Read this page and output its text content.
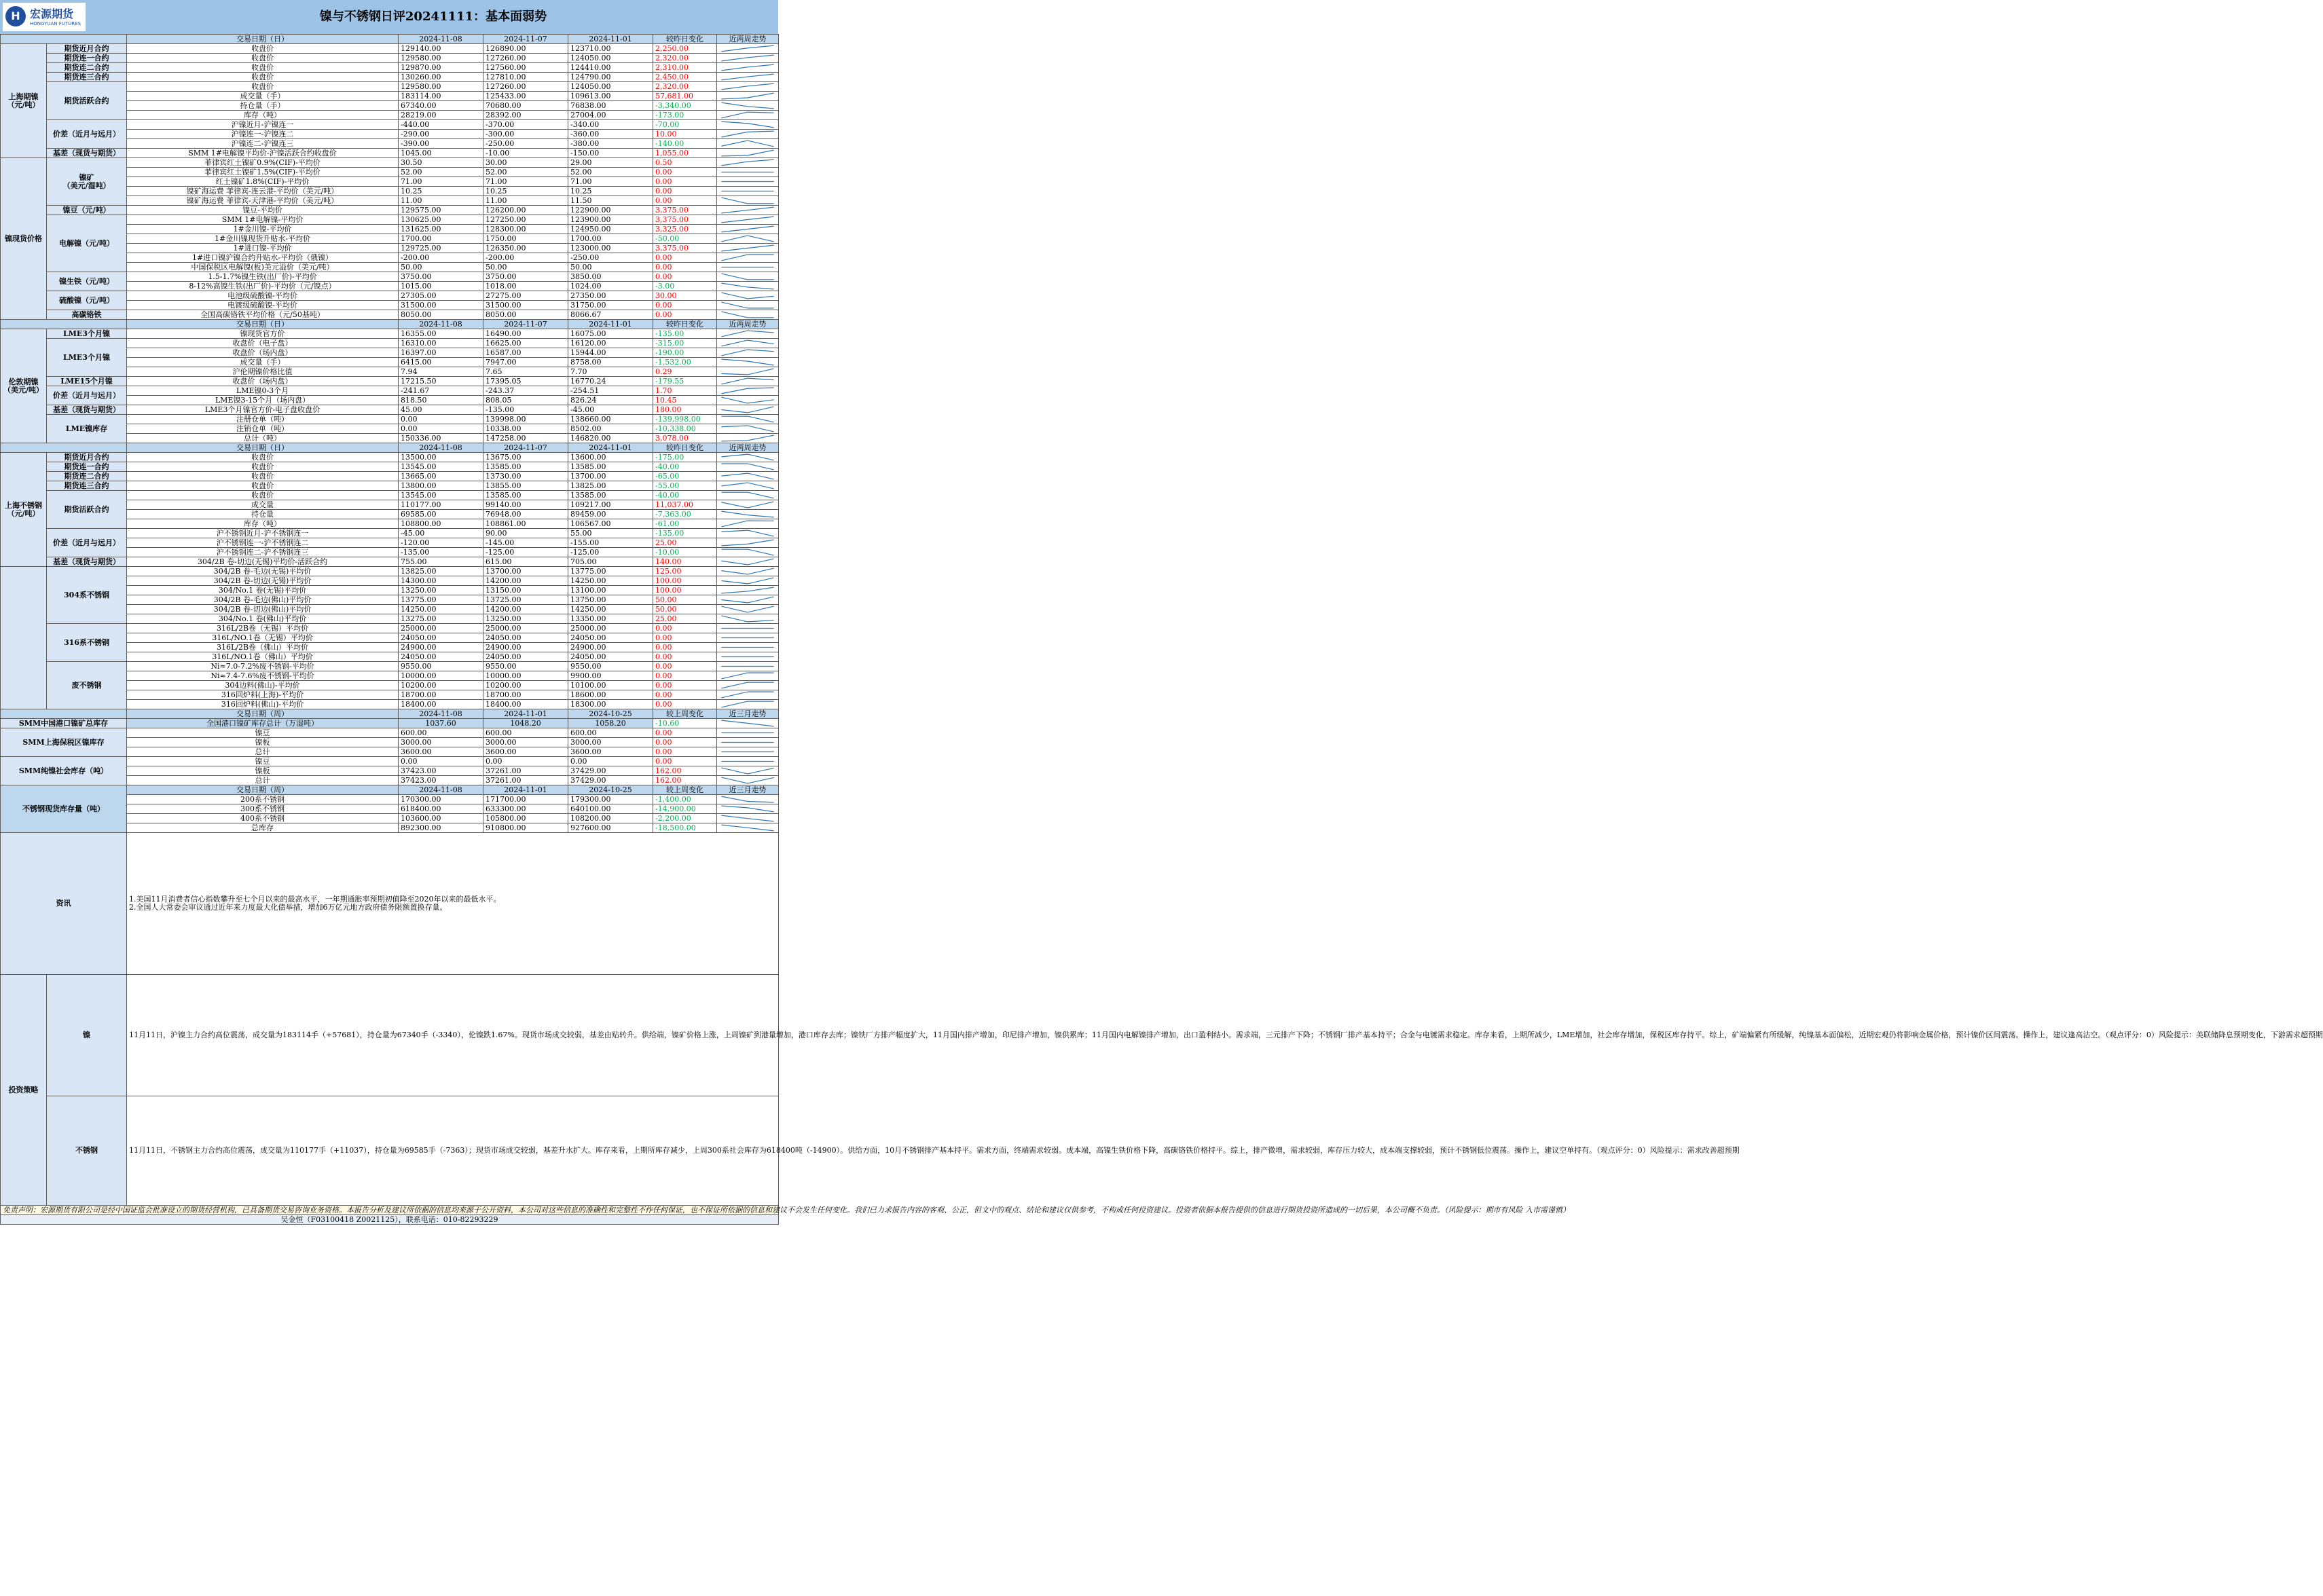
H 宏源期货
HONGYUAN FUTURES	镍与不锈钢日评20241111：基本面弱势
		交易日期（日）	2024-11-08	2024-11-07	2024-11-01	较昨日变化	近两周走势
上海期镍
（元/吨）	期货近月合约	收盘价	129140.00	126890.00	123710.00	2,250.00	

	期货连一合约	收盘价	129580.00	127260.00	124050.00	2,320.00	

	期货连二合约	收盘价	129870.00	127560.00	124410.00	2,310.00	

	期货连三合约	收盘价	130260.00	127810.00	124790.00	2,450.00	

	期货活跃合约	收盘价	129580.00	127260.00	124050.00	2,320.00	

		成交量（手）	183114.00	125433.00	109613.00	57,681.00	

		持仓量（手）	67340.00	70680.00	76838.00	-3,340.00	

		库存（吨）	28219.00	28392.00	27004.00	-173.00	

	价差（近月与远月）	沪镍近月-沪镍连一	-440.00	-370.00	-340.00	-70.00	

		沪镍连一-沪镍连二	-290.00	-300.00	-360.00	10.00	

		沪镍连二-沪镍连三	-390.00	-250.00	-380.00	-140.00	

	基差（现货与期货）	SMM 1#电解镍平均价-沪镍活跃合约收盘价	1045.00	-10.00	-150.00	1,055.00	

镍现货价格	镍矿
（美元/湿吨）	菲律宾红土镍矿0.9%(CIF)-平均价	30.50	30.00	29.00	0.50	

		菲律宾红土镍矿1.5%(CIF)-平均价	52.00	52.00	52.00	0.00	

		红土镍矿1.8%(CIF)-平均价	71.00	71.00	71.00	0.00	

		镍矿海运费 菲律宾-连云港-平均价（美元/吨）	10.25	10.25	10.25	0.00	

		镍矿海运费 菲律宾-天津港-平均价（美元/吨）	11.00	11.00	11.50	0.00	

	镍豆（元/吨）	镍豆-平均价	129575.00	126200.00	122900.00	3,375.00	

	电解镍（元/吨）	SMM 1#电解镍-平均价	130625.00	127250.00	123900.00	3,375.00	

		1#金川镍-平均价	131625.00	128300.00	124950.00	3,325.00	

		1#金川镍现货升贴水-平均价	1700.00	1750.00	1700.00	-50.00	

		1#进口镍-平均价	129725.00	126350.00	123000.00	3,375.00	

		1#进口镍沪镍合约升贴水-平均价（俄镍）	-200.00	-200.00	-250.00	0.00	

		中国保税区电解镍(板)美元溢价（美元/吨）	50.00	50.00	50.00	0.00	

	镍生铁（元/吨）	1.5-1.7%镍生铁(出厂价)-平均价	3750.00	3750.00	3850.00	0.00	

		8-12%高镍生铁(出厂价)-平均价（元/镍点）	1015.00	1018.00	1024.00	-3.00	

	硫酸镍（元/吨）	电池级硫酸镍-平均价	27305.00	27275.00	27350.00	30.00	

		电镀级硫酸镍-平均价	31500.00	31500.00	31750.00	0.00	

	高碳铬铁	全国高碳铬铁平均价格（元/50基吨）	8050.00	8050.00	8066.67	0.00	

		交易日期（日）	2024-11-08	2024-11-07	2024-11-01	较昨日变化	近两周走势
伦敦期镍
（美元/吨）	LME3个月镍	镍现货官方价	16355.00	16490.00	16075.00	-135.00	

	LME3个月镍	收盘价（电子盘）	16310.00	16625.00	16120.00	-315.00	

		收盘价（场内盘）	16397.00	16587.00	15944.00	-190.00	

		成交量（手）	6415.00	7947.00	8758.00	-1,532.00	

		沪伦期镍价格比值	7.94	7.65	7.70	0.29	

	LME15个月镍	收盘价（场内盘）	17215.50	17395.05	16770.24	-179.55	

	价差（近月与远月）	LME镍0-3个月	-241.67	-243.37	-254.51	1.70	

		LME镍3-15个月（场内盘）	818.50	808.05	826.24	10.45	

	基差（现货与期货）	LME3个月镍官方价-电子盘收盘价	45.00	-135.00	-45.00	180.00	

	LME镍库存	注册仓单（吨）	0.00	139998.00	138660.00	-139,998.00	

		注销仓单（吨）	0.00	10338.00	8502.00	-10,338.00	

		总计（吨）	150336.00	147258.00	146820.00	3,078.00	

		交易日期（日）	2024-11-08	2024-11-07	2024-11-01	较昨日变化	近两周走势
上海不锈钢
（元/吨）	期货近月合约	收盘价	13500.00	13675.00	13600.00	-175.00	

	期货连一合约	收盘价	13545.00	13585.00	13585.00	-40.00	

	期货连二合约	收盘价	13665.00	13730.00	13700.00	-65.00	

	期货连三合约	收盘价	13800.00	13855.00	13825.00	-55.00	

	期货活跃合约	收盘价	13545.00	13585.00	13585.00	-40.00	

		成交量	110177.00	99140.00	109217.00	11,037.00	

		持仓量	69585.00	76948.00	89459.00	-7,363.00	

		库存（吨）	108800.00	108861.00	106567.00	-61.00	

	价差（近月与远月）	沪不锈钢近月-沪不锈钢连一	-45.00	90.00	55.00	-135.00	

		沪不锈钢连一-沪不锈钢连二	-120.00	-145.00	-155.00	25.00	

		沪不锈钢连二-沪不锈钢连三	-135.00	-125.00	-125.00	-10.00	

	基差（现货与期货）	304/2B 卷-切边(无锡)平均价-活跃合约	755.00	615.00	705.00	140.00	

	304系不锈钢	304/2B 卷-毛边(无锡)平均价	13825.00	13700.00	13775.00	125.00	

		304/2B 卷-切边(无锡)平均价	14300.00	14200.00	14250.00	100.00	

		304/No.1 卷(无锡)平均价	13250.00	13150.00	13100.00	100.00	

		304/2B 卷-毛边(佛山)平均价	13775.00	13725.00	13750.00	50.00	

		304/2B 卷-切边(佛山)平均价	14250.00	14200.00	14250.00	50.00	

		304/No.1 卷(佛山)平均价	13275.00	13250.00	13350.00	25.00	

	316系不锈钢	316L/2B卷（无锡）平均价	25000.00	25000.00	25000.00	0.00	

		316L/NO.1卷（无锡）平均价	24050.00	24050.00	24050.00	0.00	

		316L/2B卷（佛山）平均价	24900.00	24900.00	24900.00	0.00	

		316L/NO.1卷（佛山）平均价	24050.00	24050.00	24050.00	0.00	

	废不锈钢	Ni≈7.0-7.2%废不锈钢-平均价	9550.00	9550.00	9550.00	0.00	

		Ni≈7.4-7.6%废不锈钢-平均价	10000.00	10000.00	9900.00	0.00	

		304边料(佛山)-平均价	10200.00	10200.00	10100.00	0.00	

		316回炉料(上海)-平均价	18700.00	18700.00	18600.00	0.00	

		316回炉料(佛山)-平均价	18400.00	18400.00	18300.00	0.00	

		交易日期（周）	2024-11-08	2024-11-01	2024-10-25	较上周变化	近三月走势
SMM中国港口镍矿总库存		全国港口镍矿库存总计（万湿吨）	1037.60	1048.20	1058.20	-10.60	

SMM上海保税区镍库存		镍豆	600.00	600.00	600.00	0.00	

		镍板	3000.00	3000.00	3000.00	0.00	

		总计	3600.00	3600.00	3600.00	0.00	

SMM纯镍社会库存（吨）		镍豆	0.00	0.00	0.00	0.00	

		镍板	37423.00	37261.00	37429.00	162.00	

		总计	37423.00	37261.00	37429.00	162.00	

不锈钢现货库存量（吨）		交易日期（周）	2024-11-08	2024-11-01	2024-10-25	较上周变化	近三月走势
		200系不锈钢	170300.00	171700.00	179300.00	-1,400.00	

		300系不锈钢	618400.00	633300.00	640100.00	-14,900.00	

		400系不锈钢	103600.00	105800.00	108200.00	-2,200.00	

		总库存	892300.00	910800.00	927600.00	-18,500.00	

资讯		1.美国11月消费者信心指数攀升至七个月以来的最高水平，一年期通胀率预期初值降至2020年以来的最低水平。
2.全国人大常委会审议通过近年来力度最大化债举措，增加6万亿元地方政府债务限额置换存量。					

投资策略	镍	11月11日，沪镍主力合约高位震荡，成交量为183114手（+57681），持仓量为67340手（-3340），伦镍跌1.67%。现货市场成交较弱，基差由贴转升。供给端，镍矿价格上涨，上周镍矿到港量增加，港口库存去库；镍铁厂方排产幅度扩大，11月国内排产增加，印尼排产增加，镍供累库；11月国内电解镍排产增加，出口盈利结小。需求端，三元排产下降；不锈钢厂排产基本持平；合金与电镀需求稳定。库存来看，上期所减少，LME增加，社会库存增加，保税区库存持平。综上，矿端偏紧有所缓解，纯镍基本面偏松，近期宏观仍将影响金属价格，预计镍价区间震荡。操作上，建议逢高沽空。（观点评分：0）风险提示：美联储降息预期变化，下游需求超预期					
	不锈钢	11月11日，不锈钢主力合约高位震荡，成交量为110177手（+11037），持仓量为69585手（-7363）；现货市场成交较弱，基差升水扩大。库存来看，上期所库存减少，上周300系社会库存为618400吨（-14900）。供给方面，10月不锈钢排产基本持平。需求方面，终端需求较弱。成本端，高镍生铁价格下降，高碳铬铁价格持平。综上，排产微增，需求较弱，库存压力较大，成本端支撑较弱，预计不锈钢低位震荡。操作上，建议空单持有。（观点评分：0）风险提示：需求改善超预期					
免责声明：宏源期货有限公司是经中国证监会批准设立的期货经营机构，已具备期货交易咨询业务资格。本报告分析及建议所依据的信息均来源于公开资料，本公司对这些信息的准确性和完整性不作任何保证，也不保证所依据的信息和建议不会发生任何变化。我们已力求报告内容的客观、公正，但文中的观点、结论和建议仅供参考，不构成任何投资建议。投资者依据本报告提供的信息进行期货投资所造成的一切后果，本公司概不负责。（风险提示：期市有风险 入市需谨慎）							
吴金恒（F03100418 Z0021125），联系电话：010-82293229							
